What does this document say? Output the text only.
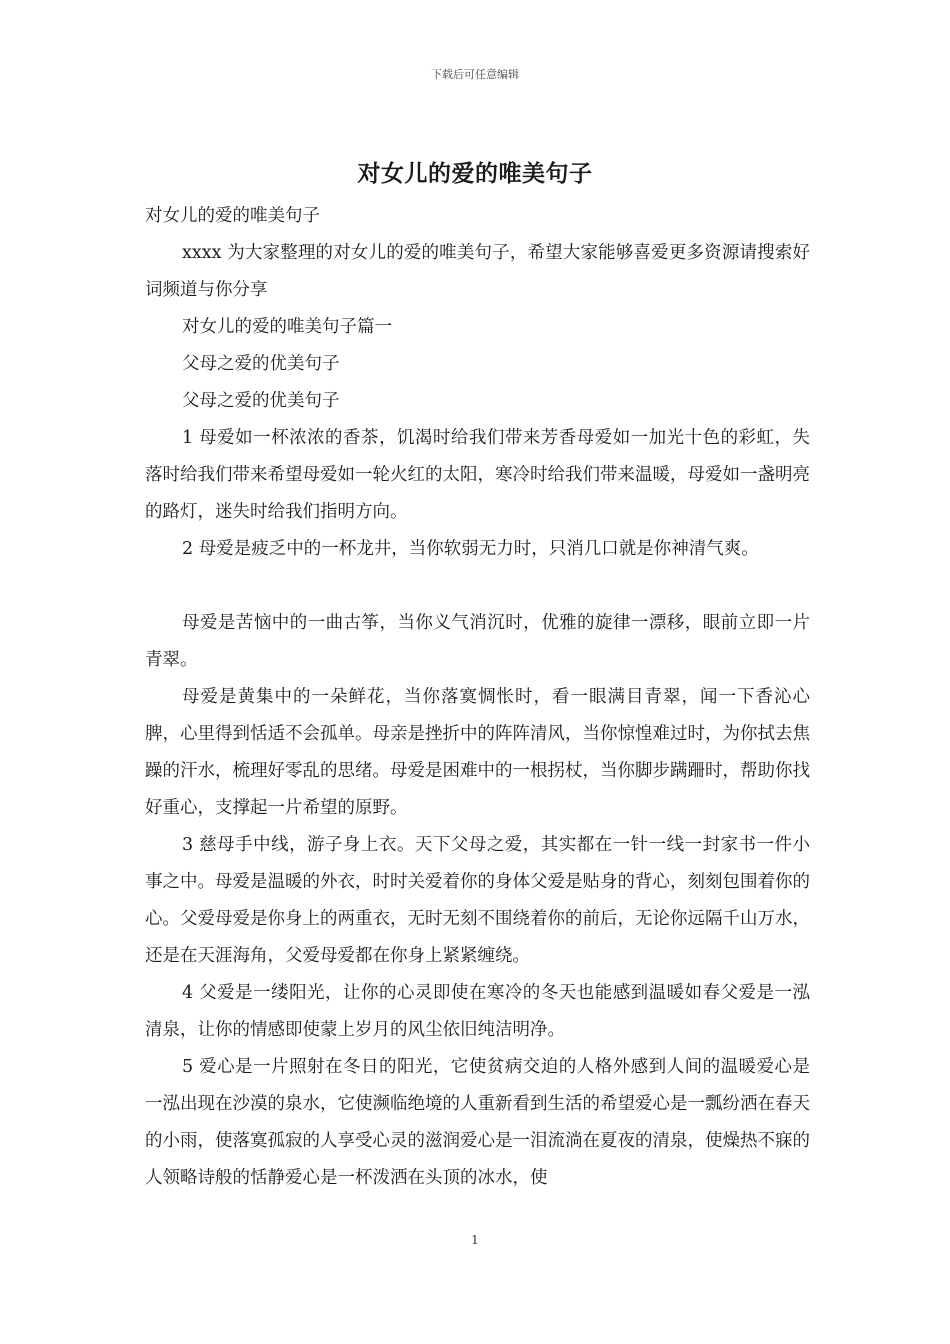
下载后可任意编辑
对女儿的爱的唯美句子

对女儿的爱的唯美句子

xxxx 为大家整理的对女儿的爱的唯美句子，希望大家能够喜爱更多资源请搜索好词频道与你分享

对女儿的爱的唯美句子篇一

父母之爱的优美句子

父母之爱的优美句子

1 母爱如一杯浓浓的香茶，饥渴时给我们带来芳香母爱如一加光十色的彩虹，失落时给我们带来希望母爱如一轮火红的太阳，寒冷时给我们带来温暖，母爱如一盏明亮的路灯，迷失时给我们指明方向。

2 母爱是疲乏中的一杯龙井，当你软弱无力时，只消几口就是你神清气爽。

母爱是苦恼中的一曲古筝，当你义气消沉时，优雅的旋律一漂移，眼前立即一片青翠。

母爱是黄集中的一朵鲜花，当你落寞惆怅时，看一眼满目青翠，闻一下香沁心脾，心里得到恬适不会孤单。母亲是挫折中的阵阵清风，当你惊惶难过时，为你拭去焦躁的汗水，梳理好零乱的思绪。母爱是困难中的一根拐杖，当你脚步蹒跚时，帮助你找好重心，支撑起一片希望的原野。

3 慈母手中线，游子身上衣。天下父母之爱，其实都在一针一线一封家书一件小事之中。母爱是温暖的外衣，时时关爱着你的身体父爱是贴身的背心，刻刻包围着你的心。父爱母爱是你身上的两重衣，无时无刻不围绕着你的前后，无论你远隔千山万水，还是在天涯海角，父爱母爱都在你身上紧紧缠绕。

4 父爱是一缕阳光，让你的心灵即使在寒冷的冬天也能感到温暖如春父爱是一泓清泉，让你的情感即使蒙上岁月的风尘依旧纯洁明净。

5 爱心是一片照射在冬日的阳光，它使贫病交迫的人格外感到人间的温暖爱心是一泓出现在沙漠的泉水，它使濒临绝境的人重新看到生活的希望爱心是一瓢纷洒在春天的小雨，使落寞孤寂的人享受心灵的滋润爱心是一泪流淌在夏夜的清泉，使燥热不寐的人领略诗般的恬静爱心是一杯泼洒在头顶的冰水，使

1
